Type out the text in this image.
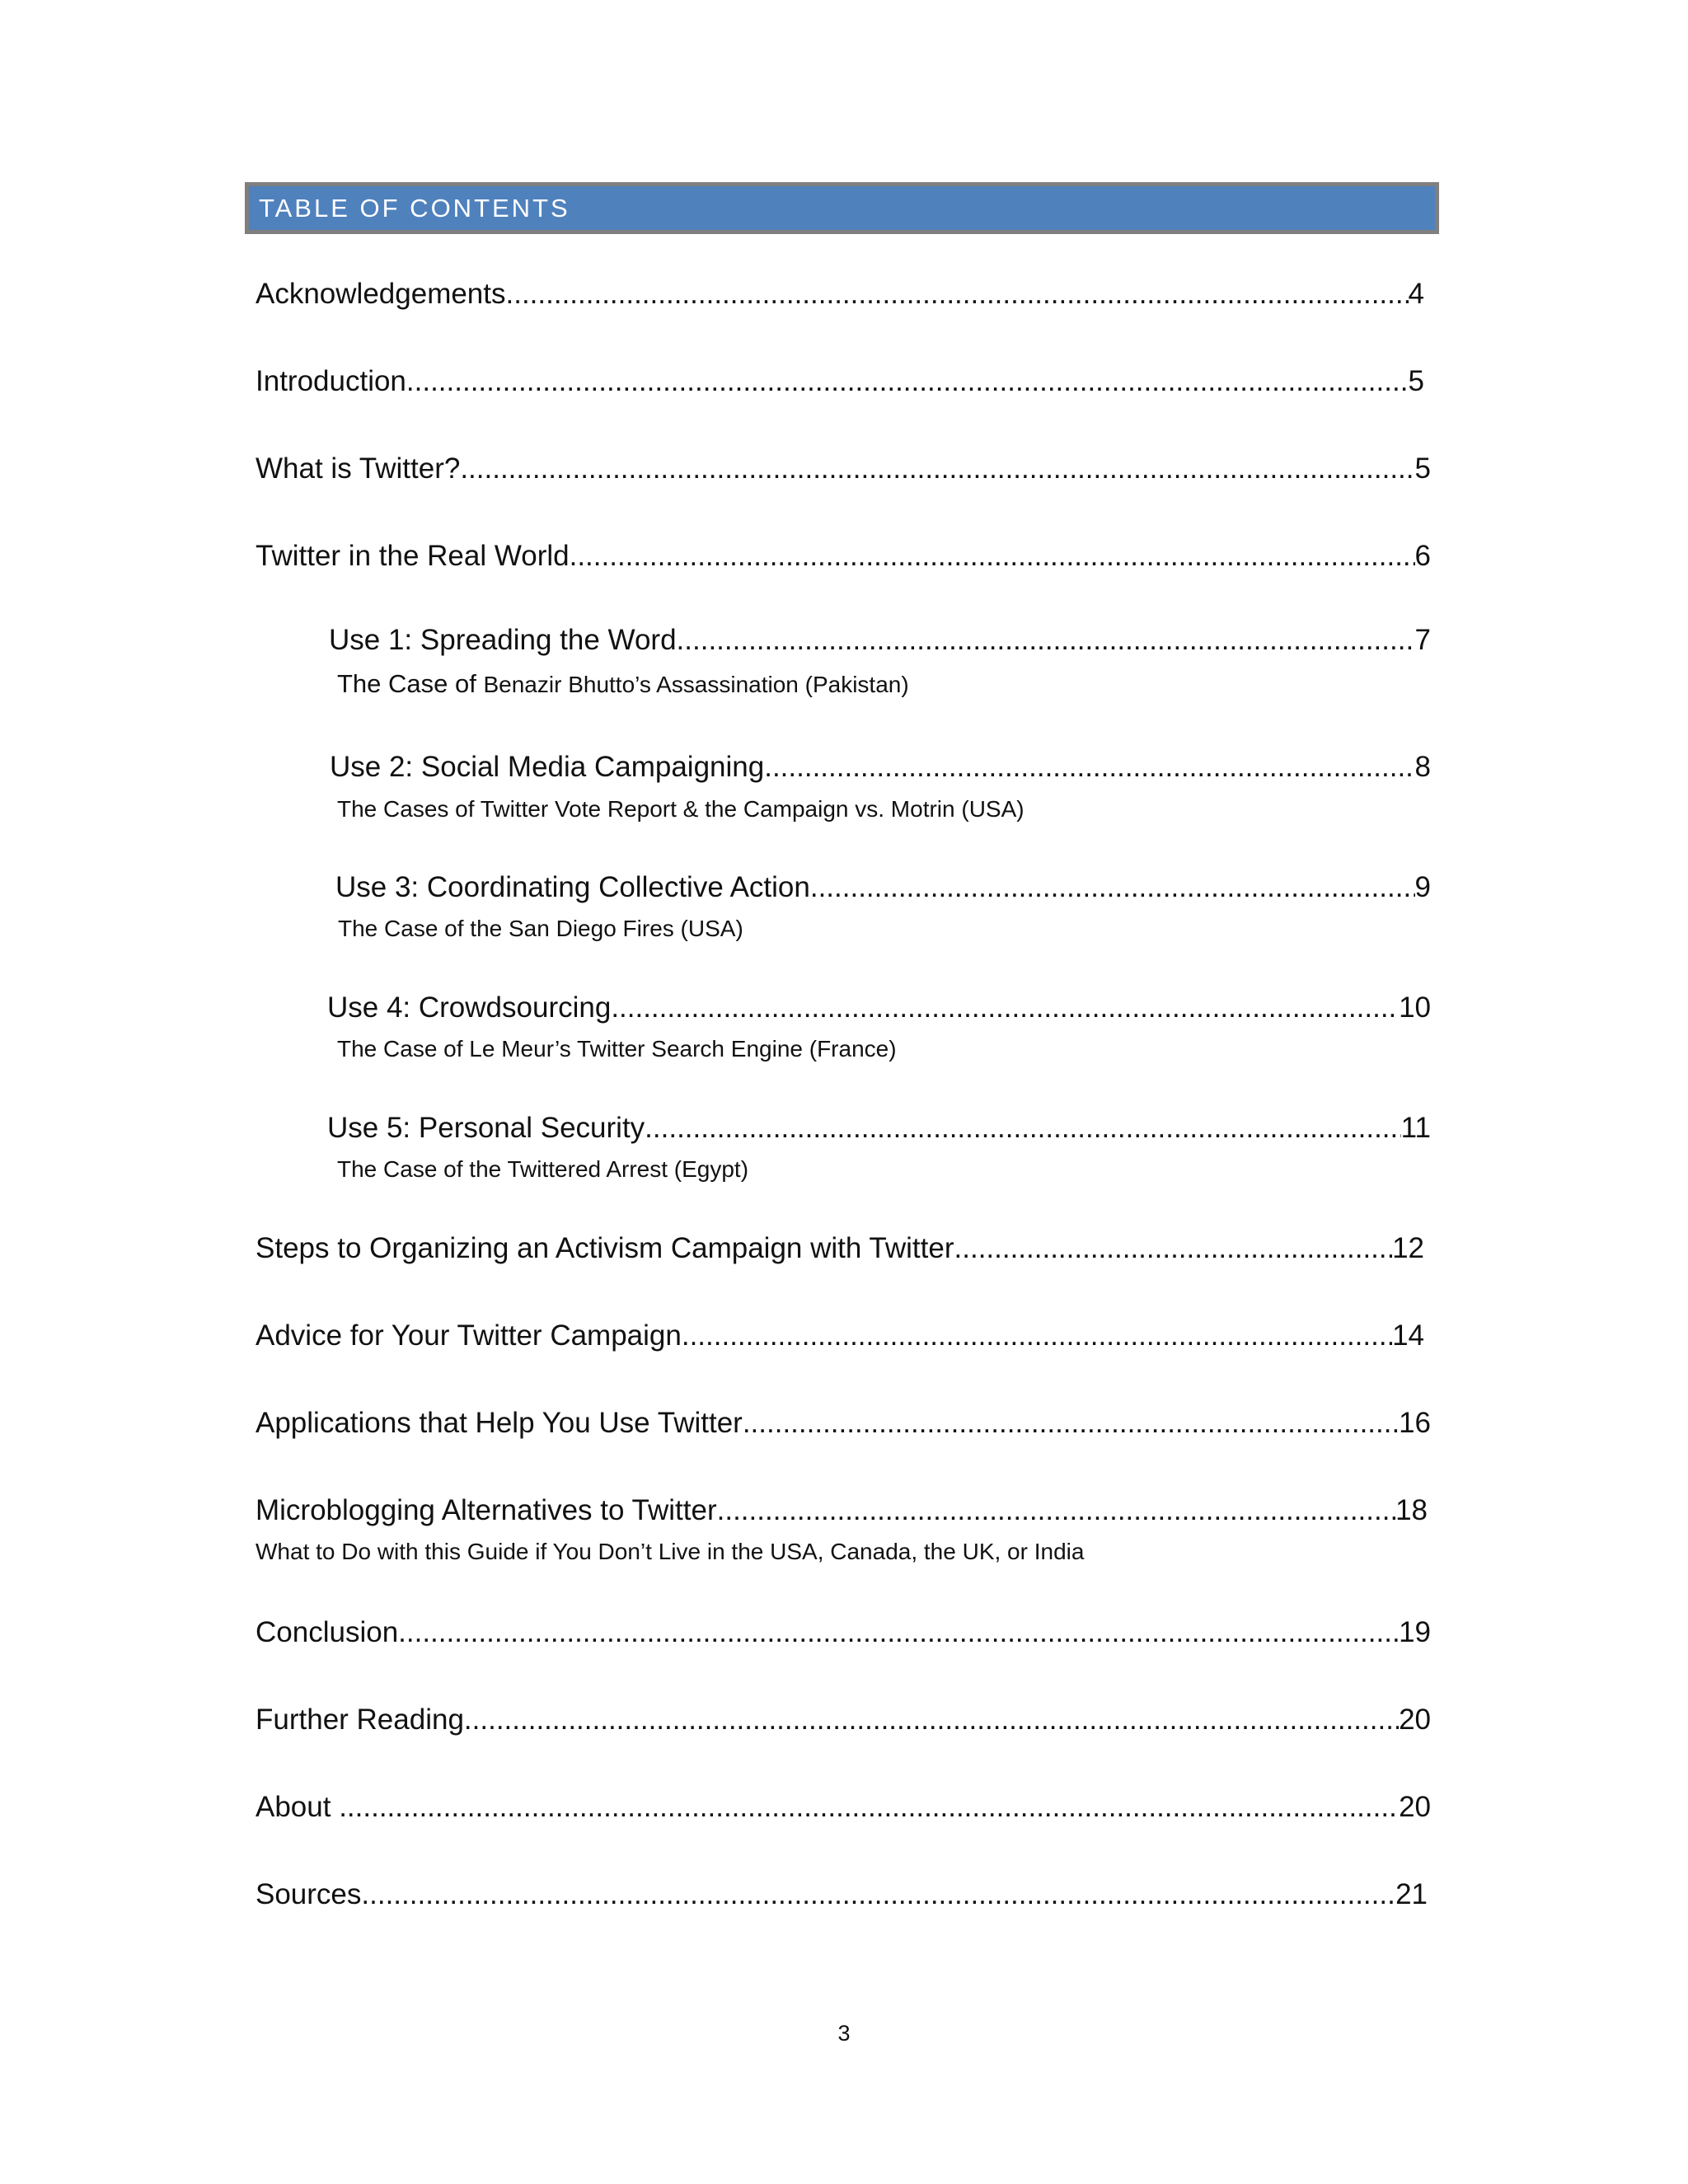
TABLE OF CONTENTS
Acknowledgements .....	4
Introduction .....	5
What is Twitter? .....	5
Twitter in the Real World .....	6
Use 1: Spreading the Word .....	7
The Case of Benazir Bhutto’s Assassination (Pakistan)
Use 2: Social Media Campaigning .....	8
The Cases of Twitter Vote Report & the Campaign vs. Motrin (USA)
Use 3: Coordinating Collective Action .....	9
The Case of the San Diego Fires (USA)
Use 4: Crowdsourcing .....	10
The Case of Le Meur’s Twitter Search Engine (France)
Use 5: Personal Security .....	11
The Case of the Twittered Arrest (Egypt)
Steps to Organizing an Activism Campaign with Twitter .....	12
Advice for Your Twitter Campaign .....	14
Applications that Help You Use Twitter .....	16
Microblogging Alternatives to Twitter .....	18
What to Do with this Guide if You Don’t Live in the USA, Canada, the UK, or India
Conclusion .....	19
Further Reading .....	20
About .....	20
Sources .....	21
3
